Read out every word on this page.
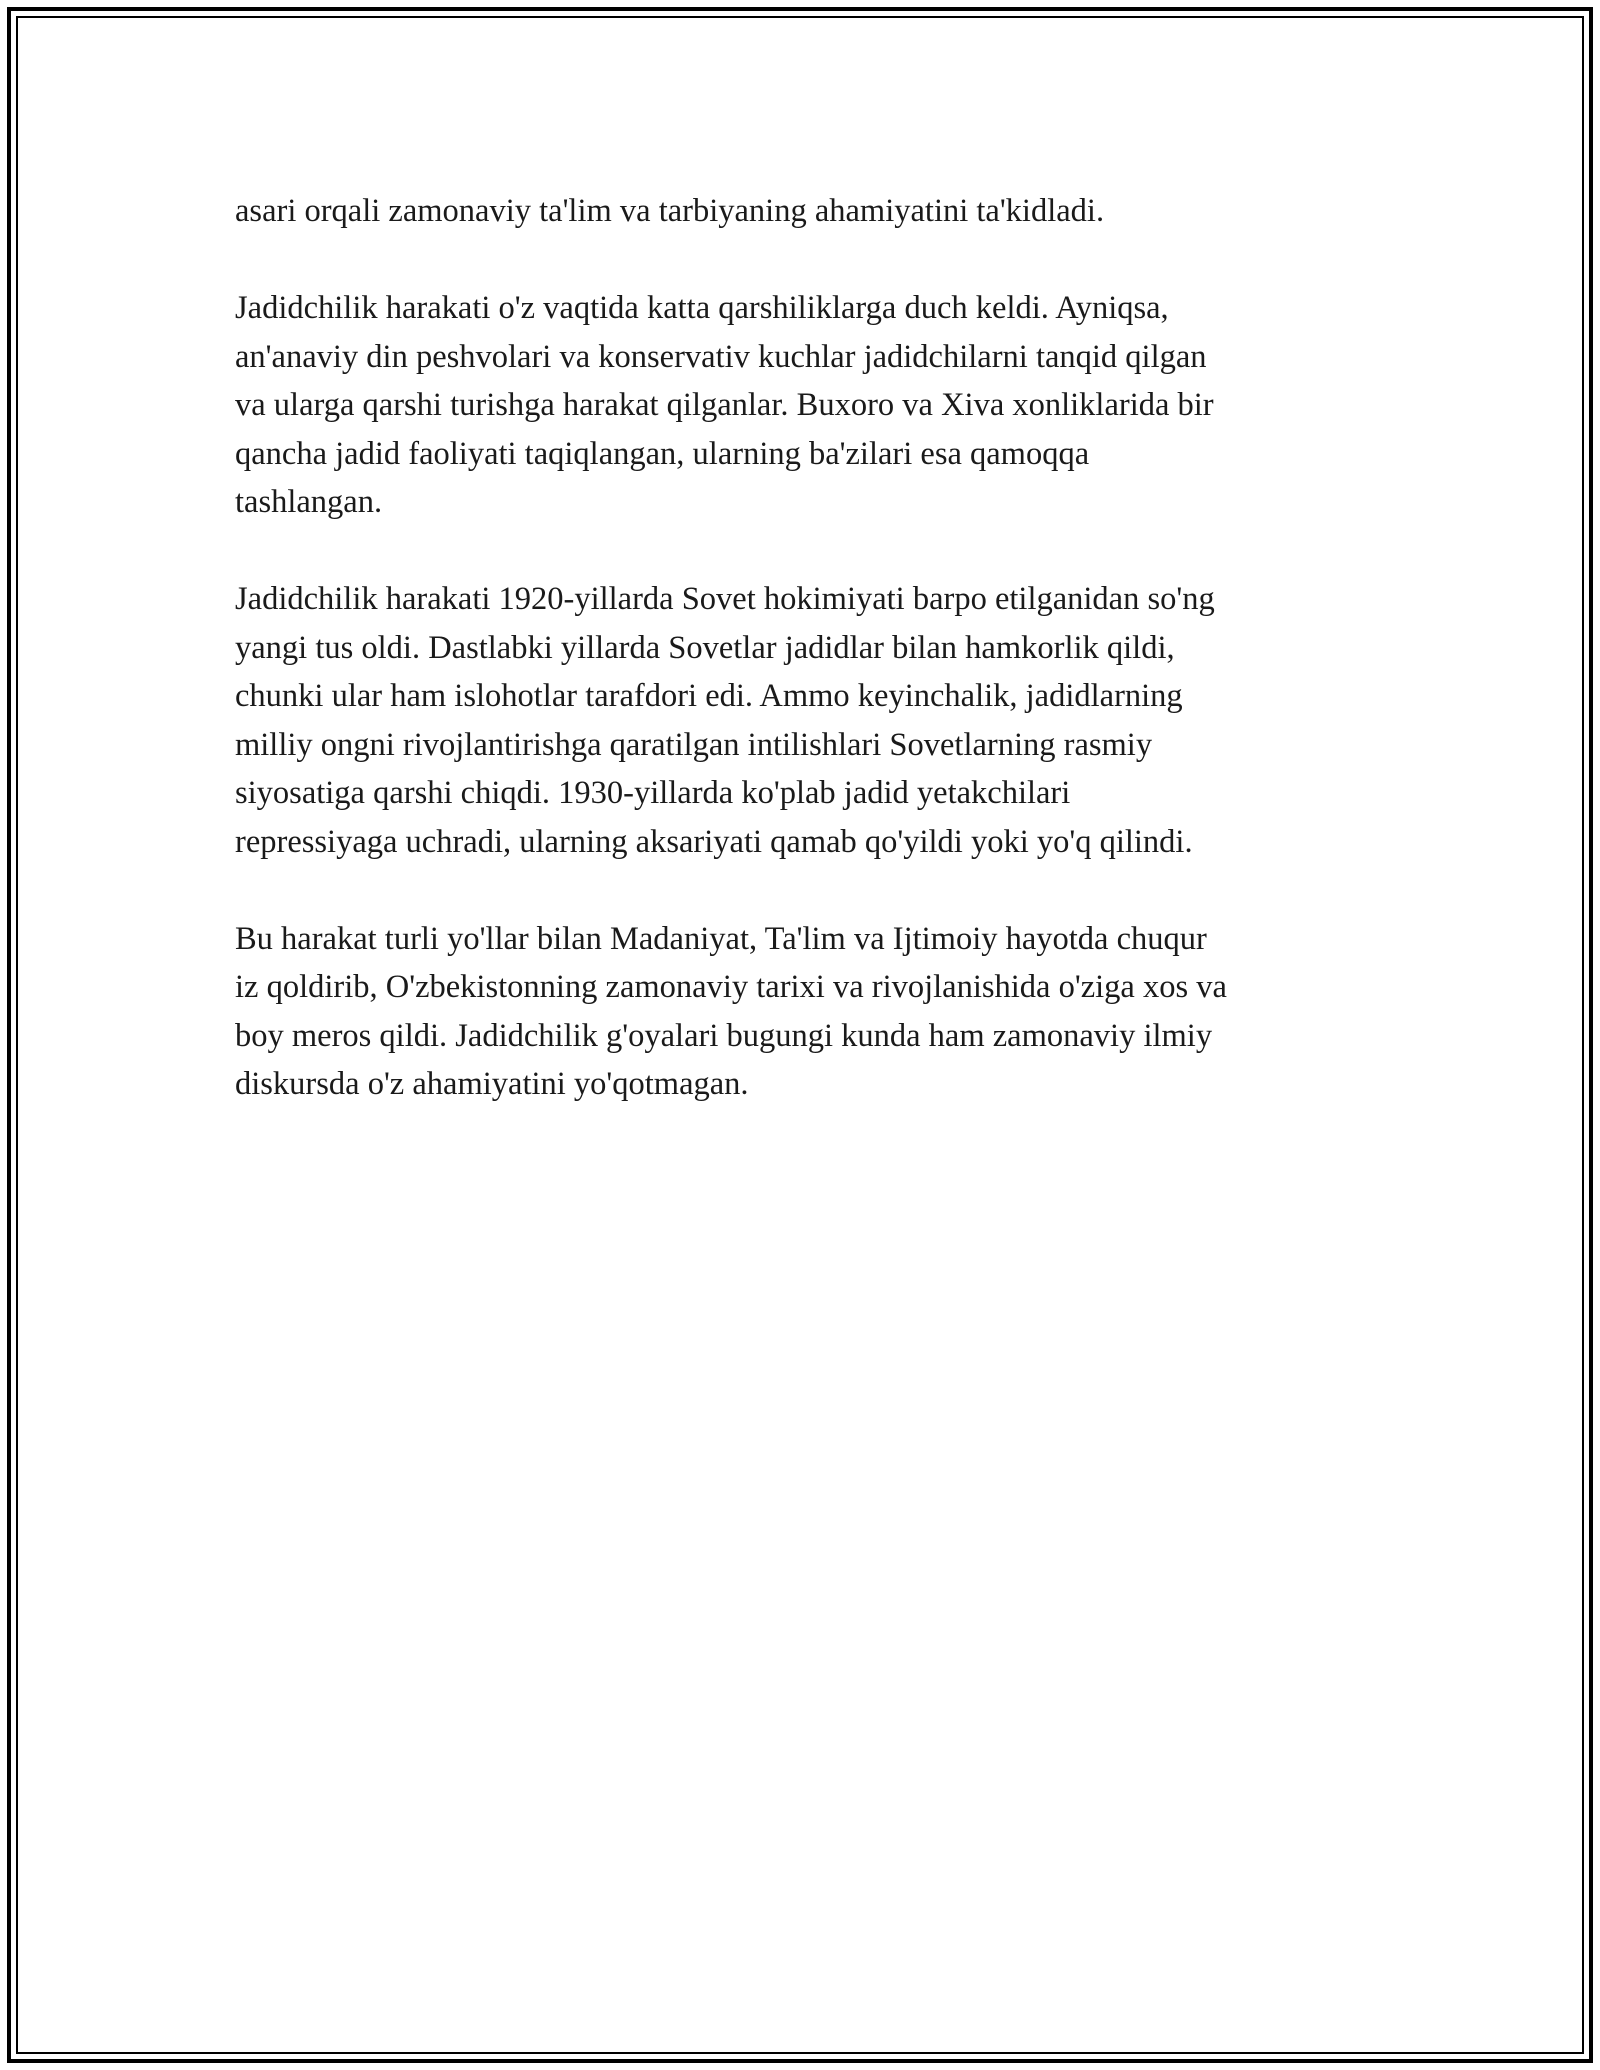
asari orqali zamonaviy ta'lim va tarbiyaning ahamiyatini ta'kidladi.

Jadidchilik harakati o'z vaqtida katta qarshiliklarga duch keldi. Ayniqsa,
an'anaviy din peshvolari va konservativ kuchlar jadidchilarni tanqid qilgan
va ularga qarshi turishga harakat qilganlar. Buxoro va Xiva xonliklarida bir
qancha jadid faoliyati taqiqlangan, ularning ba'zilari esa qamoqqa
tashlangan.

Jadidchilik harakati 1920-yillarda Sovet hokimiyati barpo etilganidan so'ng
yangi tus oldi. Dastlabki yillarda Sovetlar jadidlar bilan hamkorlik qildi,
chunki ular ham islohotlar tarafdori edi. Ammo keyinchalik, jadidlarning
milliy ongni rivojlantirishga qaratilgan intilishlari Sovetlarning rasmiy
siyosatiga qarshi chiqdi. 1930-yillarda ko'plab jadid yetakchilari
repressiyaga uchradi, ularning aksariyati qamab qo'yildi yoki yo'q qilindi.

Bu harakat turli yo'llar bilan Madaniyat, Ta'lim va Ijtimoiy hayotda chuqur
iz qoldirib, O'zbekistonning zamonaviy tarixi va rivojlanishida o'ziga xos va
boy meros qildi. Jadidchilik g'oyalari bugungi kunda ham zamonaviy ilmiy
diskursda o'z ahamiyatini yo'qotmagan.
